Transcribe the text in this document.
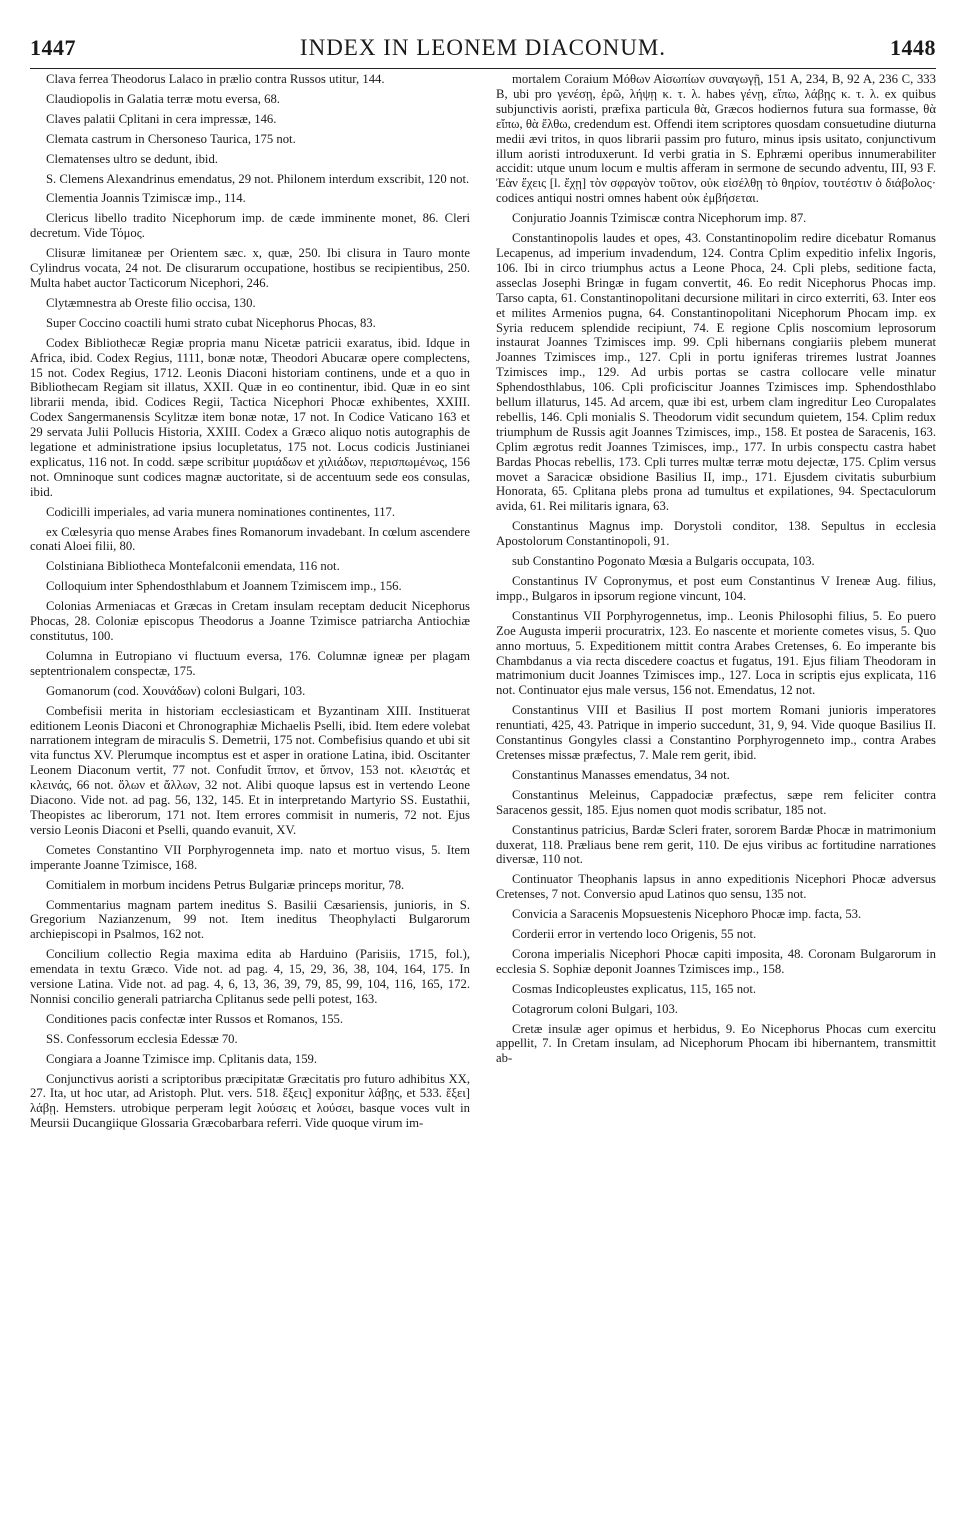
1447	INDEX IN LEONEM DIACONUM.	1448

Clava ferrea Theodorus Lalaco in prælio contra Russos utitur, 144.

Claudiopolis in Galatia terræ motu eversa, 68.

Claves palatii Cplitani in cera impressæ, 146.

Clemata castrum in Chersoneso Taurica, 175 not.

Clematenses ultro se dedunt, ibid.

S. Clemens Alexandrinus emendatus, 29 not. Philonem interdum exscribit, 120 not.

Clementia Joannis Tzimiscæ imp., 114.

Clericus libello tradito Nicephorum imp. de cæde imminente monet, 86. Cleri decretum. Vide Τόμος.

Clisuræ limitaneæ per Orientem sæc. x, quæ, 250. Ibi clisura in Tauro monte Cylindrus vocata, 24 not. De clisurarum occupatione, hostibus se recipientibus, 250. Multa habet auctor Tacticorum Nicephori, 246.

Clytæmnestra ab Oreste filio occisa, 130.

Super Coccino coactili humi strato cubat Nicephorus Phocas, 83.

Codex Bibliothecæ Regiæ propria manu Nicetæ patricii exaratus, ibid. Idque in Africa, ibid. Codex Regius, 1111, bonæ notæ, Theodori Abucaræ opere complectens, 15 not. Codex Regius, 1712. Leonis Diaconi historiam continens, unde et a quo in Bibliothecam Regiam sit illatus, XXII. Quæ in eo continentur, ibid. Quæ in eo sint librarii menda, ibid. Codices Regii, Tactica Nicephori Phocæ exhibentes, XXIII. Codex Sangermanensis Scylitzæ item bonæ notæ, 17 not. In Codice Vaticano 163 et 29 servata Julii Pollucis Historia, XXIII. Codex a Græco aliquo notis autographis de legatione et administratione ipsius locupletatus, 175 not. Locus codicis Justinianei explicatus, 116 not. In codd. sæpe scribitur μυριάδων et χιλιάδων, περισπωμένως, 156 not. Omninoque sunt codices magnæ auctoritate, si de accentuum sede eos consulas, ibid.

Codicilli imperiales, ad varia munera nominationes continentes, 117.

ex Cœlesyria quo mense Arabes fines Romanorum invadebant. In cœlum ascendere conati Aloei filii, 80.

Colstiniana Bibliotheca Montefalconii emendata, 116 not.

Colloquium inter Sphendosthlabum et Joannem Tzimiscem imp., 156.

Colonias Armeniacas et Græcas in Cretam insulam receptam deducit Nicephorus Phocas, 28. Coloniæ episcopus Theodorus a Joanne Tzimisce patriarcha Antiochiæ constitutus, 100.

Columna in Eutropiano vi fluctuum eversa, 176. Columnæ igneæ per plagam septentrionalem conspectæ, 175.

Gomanorum (cod. Χουνάδων) coloni Bulgari, 103.

Combefisii merita in historiam ecclesiasticam et Byzantinam XIII. Instituerat editionem Leonis Diaconi et Chronographiæ Michaelis Pselli, ibid. Item edere volebat narrationem integram de miraculis S. Demetrii, 175 not. Combefisius quando et ubi sit vita functus XV. Plerumque incomptus est et asper in oratione Latina, ibid. Oscitanter Leonem Diaconum vertit, 77 not. Confudit ἵππον, et ὕπνον, 153 not. κλειστάς et κλεινάς, 66 not. ὅλων et ἄλλων, 32 not. Alibi quoque lapsus est in vertendo Leone Diacono. Vide not. ad pag. 56, 132, 145. Et in interpretando Martyrio SS. Eustathii, Theopistes ac liberorum, 171 not. Item errores commisit in numeris, 72 not. Ejus versio Leonis Diaconi et Pselli, quando evanuit, XV.

Cometes Constantino VII Porphyrogenneta imp. nato et mortuo visus, 5. Item imperante Joanne Tzimisce, 168.

Comitialem in morbum incidens Petrus Bulgariæ princeps moritur, 78.

Commentarius magnam partem ineditus S. Basilii Cæsariensis, junioris, in S. Gregorium Nazianzenum, 99 not. Item ineditus Theophylacti Bulgarorum archiepiscopi in Psalmos, 162 not.

Concilium collectio Regia maxima edita ab Harduino (Parisiis, 1715, fol.), emendata in textu Græco. Vide not. ad pag. 4, 15, 29, 36, 38, 104, 164, 175. In versione Latina. Vide not. ad pag. 4, 6, 13, 36, 39, 79, 85, 99, 104, 116, 165, 172. Nonnisi concilio generali patriarcha Cplitanus sede pelli potest, 163.

Conditiones pacis confectæ inter Russos et Romanos, 155.

SS. Confessorum ecclesia Edessæ 70.

Congiara a Joanne Tzimisce imp. Cplitanis data, 159.

Conjunctivus aoristi a scriptoribus præcipitatæ Græcitatis pro futuro adhibitus XX, 27. Ita, ut hoc utar, ad Aristoph. Plut. vers. 518. ἕξεις] exponitur λάβῃς, et 533. ἕξει] λάβῃ. Hemsters. utrobique perperam legit λούσεις et λούσει, basque voces vult in Meursii Ducangiique Glossaria Græcobarbara referri. Vide quoque virum im-

mortalem Coraium Μόθων Αἰσωπίων συναγωγῇ, 151 A, 234, B, 92 A, 236 C, 333 B, ubi pro γενέσῃ, ἐρῶ, λήψῃ κ. τ. λ. habes γένῃ, εἴπω, λάβῃς κ. τ. λ. ex quibus subjunctivis aoristi, præfixa particula θὰ, Græcos hodiernos futura sua formasse, θὰ εἴπω, θὰ ἔλθω, credendum est. Offendi item scriptores quosdam consuetudine diuturna medii ævi tritos, in quos librarii passim pro futuro, minus ipsis usitato, conjunctivum illum aoristi introduxerunt. Id verbi gratia in S. Ephræmi operibus innumerabiliter accidit: utque unum locum e multis afferam in sermone de secundo adventu, III, 93 F. Ἐὰν ἔχεις [l. ἔχῃ] τὸν σφραγὸν τοῦτον, οὐκ εἰσέλθῃ τὸ θηρίον, τουτέστιν ὁ διάβολος· codices antiqui nostri omnes habent οὐκ ἐμβήσεται.

Conjuratio Joannis Tzimiscæ contra Nicephorum imp. 87.

Constantinopolis laudes et opes, 43. Constantinopolim redire dicebatur Romanus Lecapenus, ad imperium invadendum, 124. Contra Cplim expeditio infelix Ingoris, 106. Ibi in circo triumphus actus a Leone Phoca, 24. Cpli plebs, seditione facta, asseclas Josephi Bringæ in fugam convertit, 46. Eo redit Nicephorus Phocas imp. Tarso capta, 61. Constantinopolitani decursione militari in circo exterriti, 63. Inter eos et milites Armenios pugna, 64. Constantinopolitani Nicephorum Phocam imp. ex Syria reducem splendide recipiunt, 74. E regione Cplis noscomium leprosorum instaurat Joannes Tzimisces imp. 99. Cpli hibernans congiariis plebem munerat Joannes Tzimisces imp., 127. Cpli in portu igniferas triremes lustrat Joannes Tzimisces imp., 129. Ad urbis portas se castra collocare velle minatur Sphendosthlabus, 106. Cpli proficiscitur Joannes Tzimisces imp. Sphendosthlabo bellum illaturus, 145. Ad arcem, quæ ibi est, urbem clam ingreditur Leo Curopalates rebellis, 146. Cpli monialis S. Theodorum vidit secundum quietem, 154. Cplim redux triumphum de Russis agit Joannes Tzimisces, imp., 158. Et postea de Saracenis, 163. Cplim ægrotus redit Joannes Tzimisces, imp., 177. In urbis conspectu castra habet Bardas Phocas rebellis, 173. Cpli turres multæ terræ motu dejectæ, 175. Cplim versus movet a Saracicæ obsidione Basilius II, imp., 171. Ejusdem civitatis suburbium Honorata, 65. Cplitana plebs prona ad tumultus et expilationes, 94. Spectaculorum avida, 61. Rei militaris ignara, 63.

Constantinus Magnus imp. Dorystoli conditor, 138. Sepultus in ecclesia Apostolorum Constantinopoli, 91.

sub Constantino Pogonato Mœsia a Bulgaris occupata, 103.

Constantinus IV Copronymus, et post eum Constantinus V Ireneæ Aug. filius, impp., Bulgaros in ipsorum regione vincunt, 104.

Constantinus VII Porphyrogennetus, imp.. Leonis Philosophi filius, 5. Eo puero Zoe Augusta imperii procuratrix, 123. Eo nascente et moriente cometes visus, 5. Quo anno mortuus, 5. Expeditionem mittit contra Arabes Cretenses, 6. Eo imperante bis Chambdanus a via recta discedere coactus et fugatus, 191. Ejus filiam Theodoram in matrimonium ducit Joannes Tzimisces imp., 127. Loca in scriptis ejus explicata, 116 not. Continuator ejus male versus, 156 not. Emendatus, 12 not.

Constantinus VIII et Basilius II post mortem Romani junioris imperatores renuntiati, 425, 43. Patrique in imperio succedunt, 31, 9, 94. Vide quoque Basilius II. Constantinus Gongyles classi a Constantino Porphyrogenneto imp., contra Arabes Cretenses missæ præfectus, 7. Male rem gerit, ibid.

Constantinus Manasses emendatus, 34 not.

Constantinus Meleinus, Cappadociæ præfectus, sæpe rem feliciter contra Saracenos gessit, 185. Ejus nomen quot modis scribatur, 185 not.

Constantinus patricius, Bardæ Scleri frater, sororem Bardæ Phocæ in matrimonium duxerat, 118. Præliaus bene rem gerit, 110. De ejus viribus ac fortitudine narrationes diversæ, 110 not.

Continuator Theophanis lapsus in anno expeditionis Nicephori Phocæ adversus Cretenses, 7 not. Conversio apud Latinos quo sensu, 135 not.

Convicia a Saracenis Mopsuestenis Nicephoro Phocæ imp. facta, 53.

Corderii error in vertendo loco Origenis, 55 not.

Corona imperialis Nicephori Phocæ capiti imposita, 48. Coronam Bulgarorum in ecclesia S. Sophiæ deponit Joannes Tzimisces imp., 158.

Cosmas Indicopleustes explicatus, 115, 165 not.

Cotagrorum coloni Bulgari, 103.

Cretæ insulæ ager opimus et herbidus, 9. Eo Nicephorus Phocas cum exercitu appellit, 7. In Cretam insulam, ad Nicephorum Phocam ibi hibernantem, transmittit ab-
